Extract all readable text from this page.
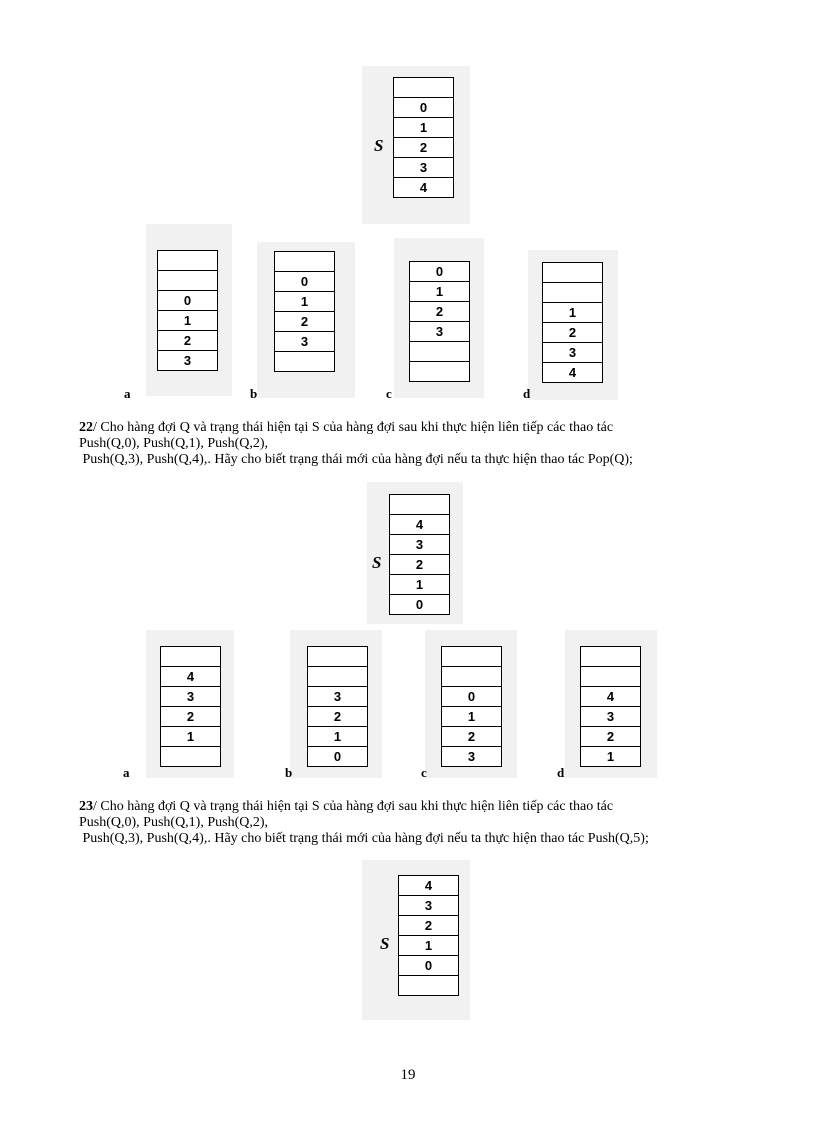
S
0
1
2
3
4
0
1
2
3
a
0
1
2
3
b
0
1
2
3
c
1
2
3
4
d
22/ Cho hàng đợi Q và trạng thái hiện tại S của hàng đợi sau khi thực hiện liên tiếp các thao tác
Push(Q,0), Push(Q,1), Push(Q,2),
Push(Q,3), Push(Q,4),. Hãy cho biết trạng thái mới của hàng đợi nếu ta thực hiện thao tác Pop(Q);
S
4
3
2
1
0
4
3
2
1
a
3
2
1
0
b
0
1
2
3
c
4
3
2
1
d
23/ Cho hàng đợi Q và trạng thái hiện tại S của hàng đợi sau khi thực hiện liên tiếp các thao tác
Push(Q,0), Push(Q,1), Push(Q,2),
Push(Q,3), Push(Q,4),. Hãy cho biết trạng thái mới của hàng đợi nếu ta thực hiện thao tác Push(Q,5);
S
4
3
2
1
0
19
